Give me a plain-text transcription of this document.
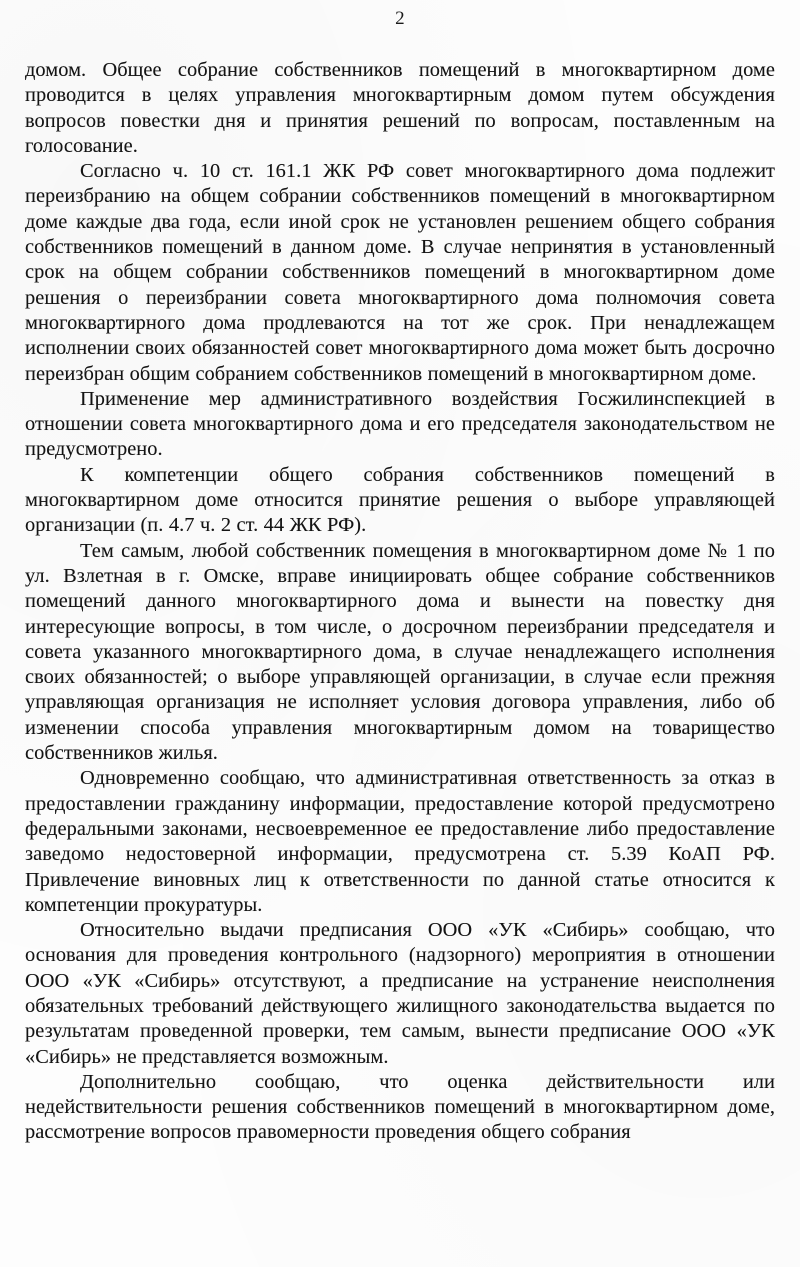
2

домом. Общее собрание собственников помещений в многоквартирном доме проводится в целях управления многоквартирным домом путем обсуждения вопросов повестки дня и принятия решений по вопросам, поставленным на голосование.

Согласно ч. 10 ст. 161.1 ЖК РФ совет многоквартирного дома подлежит переизбранию на общем собрании собственников помещений в многоквартирном доме каждые два года, если иной срок не установлен решением общего собрания собственников помещений в данном доме. В случае непринятия в установленный срок на общем собрании собственников помещений в многоквартирном доме решения о переизбрании совета многоквартирного дома полномочия совета многоквартирного дома продлеваются на тот же срок. При ненадлежащем исполнении своих обязанностей совет многоквартирного дома может быть досрочно переизбран общим собранием собственников помещений в многоквартирном доме.

Применение мер административного воздействия Госжилинспекцией в отношении совета многоквартирного дома и его председателя законодательством не предусмотрено.

К компетенции общего собрания собственников помещений в многоквартирном доме относится принятие решения о выборе управляющей организации (п. 4.7 ч. 2 ст. 44 ЖК РФ).

Тем самым, любой собственник помещения в многоквартирном доме № 1 по ул. Взлетная в г. Омске, вправе инициировать общее собрание собственников помещений данного многоквартирного дома и вынести на повестку дня интересующие вопросы, в том числе, о досрочном переизбрании председателя и совета указанного многоквартирного дома, в случае ненадлежащего исполнения своих обязанностей; о выборе управляющей организации, в случае если прежняя управляющая организация не исполняет условия договора управления, либо об изменении способа управления многоквартирным домом на товарищество собственников жилья.

Одновременно сообщаю, что административная ответственность за отказ в предоставлении гражданину информации, предоставление которой предусмотрено федеральными законами, несвоевременное ее предоставление либо предоставление заведомо недостоверной информации, предусмотрена ст. 5.39 КоАП РФ. Привлечение виновных лиц к ответственности по данной статье относится к компетенции прокуратуры.

Относительно выдачи предписания ООО «УК «Сибирь» сообщаю, что основания для проведения контрольного (надзорного) мероприятия в отношении ООО «УК «Сибирь» отсутствуют, а предписание на устранение неисполнения обязательных требований действующего жилищного законодательства выдается по результатам проведенной проверки, тем самым, вынести предписание ООО «УК «Сибирь» не представляется возможным.

Дополнительно сообщаю, что оценка действительности или недействительности решения собственников помещений в многоквартирном доме, рассмотрение вопросов правомерности проведения общего собрания
